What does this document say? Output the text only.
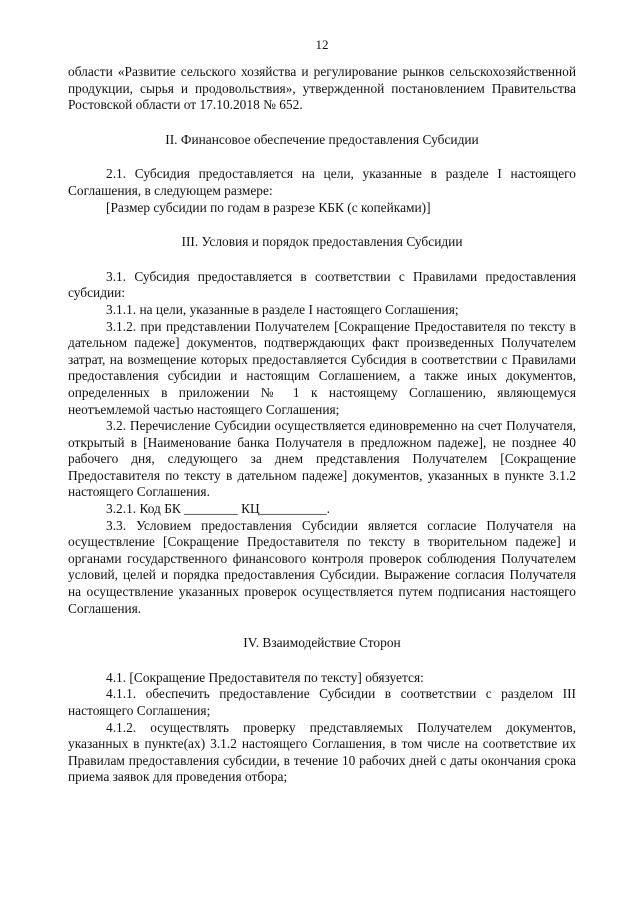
12

области «Развитие сельского хозяйства и регулирование рынков сельскохозяйственной продукции, сырья и продовольствия», утвержденной постановлением Правительства Ростовской области от 17.10.2018 № 652.

II. Финансовое обеспечение предоставления Субсидии

2.1. Субсидия предоставляется на цели, указанные в разделе I настоящего Соглашения, в следующем размере:

[Размер субсидии по годам в разрезе КБК (с копейками)]

III. Условия и порядок предоставления Субсидии

3.1. Субсидия предоставляется в соответствии с Правилами предоставления субсидии:

3.1.1. на цели, указанные в разделе I настоящего Соглашения;

3.1.2. при представлении Получателем [Сокращение Предоставителя по тексту в дательном падеже] документов, подтверждающих факт произведенных Получателем затрат, на возмещение которых предоставляется Субсидия в соответствии с Правилами предоставления субсидии и настоящим Соглашением, а также иных документов, определенных в приложении № 1 к настоящему Соглашению, являющемуся неотъемлемой частью настоящего Соглашения;

3.2. Перечисление Субсидии осуществляется единовременно на счет Получателя, открытый в [Наименование банка Получателя в предложном падеже], не позднее 40 рабочего дня, следующего за днем представления Получателем [Сокращение Предоставителя по тексту в дательном падеже] документов, указанных в пункте 3.1.2 настоящего Соглашения.

3.2.1. Код БК ________ КЦ__________.

3.3. Условием предоставления Субсидии является согласие Получателя на осуществление [Сокращение Предоставителя по тексту в творительном падеже] и органами государственного финансового контроля проверок соблюдения Получателем условий, целей и порядка предоставления Субсидии. Выражение согласия Получателя на осуществление указанных проверок осуществляется путем подписания настоящего Соглашения.

IV. Взаимодействие Сторон

4.1. [Сокращение Предоставителя по тексту] обязуется:

4.1.1. обеспечить предоставление Субсидии в соответствии с разделом III настоящего Соглашения;

4.1.2. осуществлять проверку представляемых Получателем документов, указанных в пункте(ах) 3.1.2 настоящего Соглашения, в том числе на соответствие их Правилам предоставления субсидии, в течение 10 рабочих дней с даты окончания срока приема заявок для проведения отбора;
